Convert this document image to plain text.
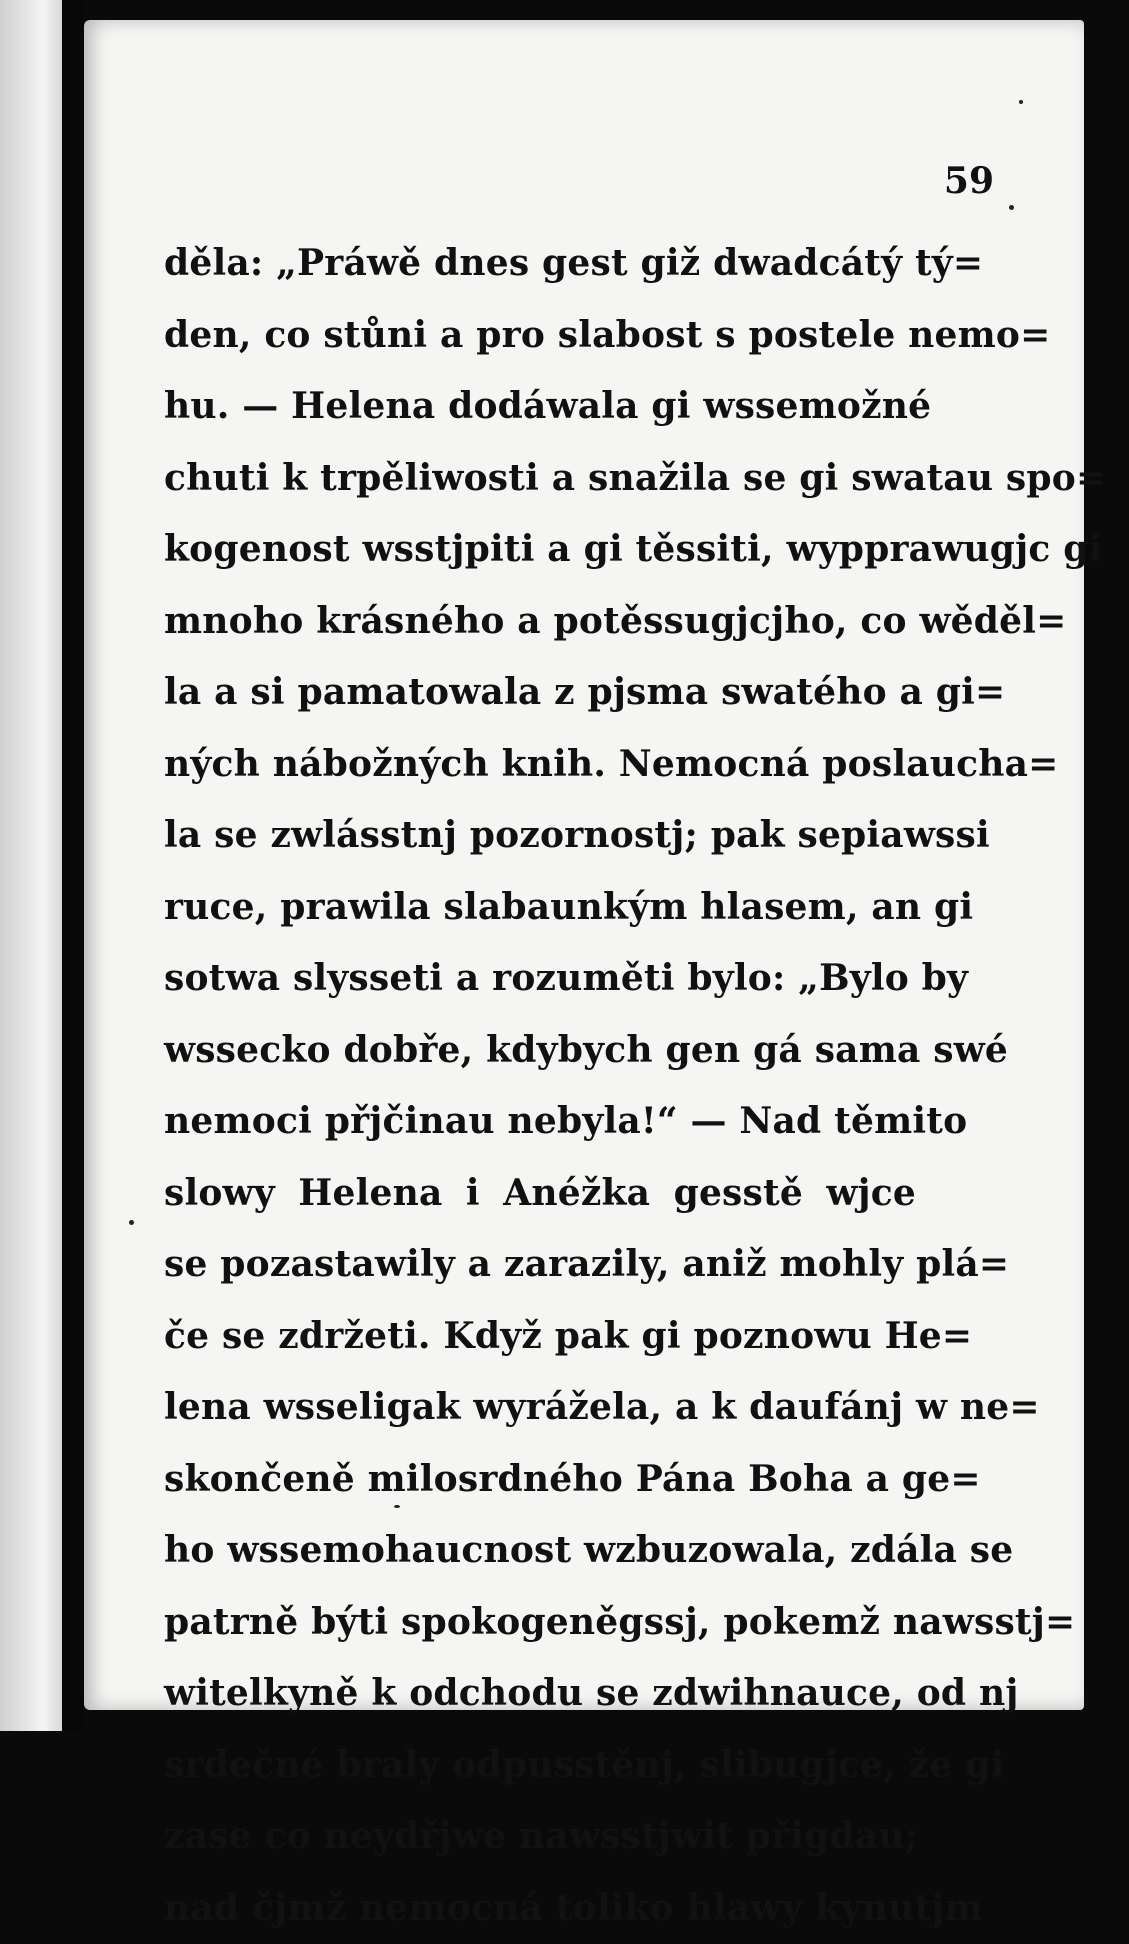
59
děla: „Práwě dnes gest giž dwadcátý tý=
den, co stůni a pro slabost s postele nemo=
hu. — Helena dodáwala gi wssemožné
chuti k trpěliwosti a snažila se gi swatau spo=
kogenost wsstjpiti a gi těssiti, wypprawugjc gi
mnoho krásného a potěssugjcjho, co wěděl=
la a si pamatowala z pjsma swatého a gi=
ných nábožných knih. Nemocná poslaucha=
la se zwlásstnj pozornostj; pak sepiawssi
ruce, prawila slabaunkým hlasem, an gi
sotwa slysseti a rozuměti bylo: „Bylo by
wssecko dobře, kdybych gen gá sama swé
nemoci přjčinau nebyla!“ — Nad těmito
slowy Helena i Anéžka gesstě wjce
se pozastawily a zarazily, aniž mohly plá=
če se zdržeti. Když pak gi poznowu He=
lena wsseligak wyrážela, a k daufánj w ne=
skončeně milosrdného Pána Boha a ge=
ho wssemohaucnost wzbuzowala, zdála se
patrně býti spokogeněgssj, pokemž nawsstj=
witelkyně k odchodu se zdwihnauce, od nj
srdečné braly odpusstěnj, slibugjce, že gi
zase co neydřjwe nawsstjwit přigdau;
nad čjmž nemocná toliko hlawy kynutjm
